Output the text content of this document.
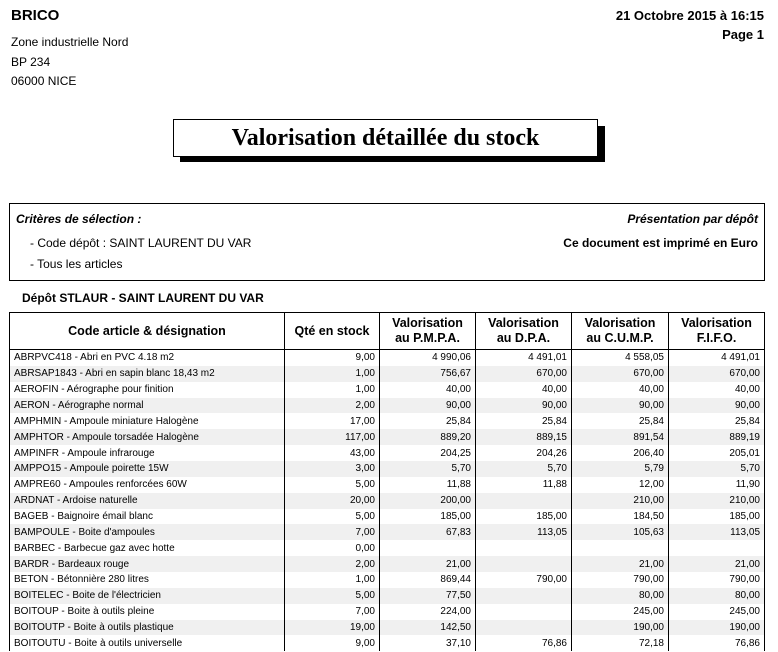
BRICO
Zone industrielle Nord
BP 234
06000 NICE
21 Octobre 2015 à 16:15
Page 1
Valorisation détaillée du stock
Critères de sélection :
- Code dépôt : SAINT LAURENT DU VAR
- Tous les articles
Présentation par dépôt
Ce document est imprimé en Euro
Dépôt STLAUR - SAINT LAURENT DU VAR
Code article & désignation	Qté en stock	Valorisation
au P.M.P.A.	Valorisation
au D.P.A.	Valorisation
au C.U.M.P.	Valorisation
F.I.F.O.
ABRPVC418 - Abri en PVC 4.18 m2	9,00	4 990,06	4 491,01	4 558,05	4 491,01
ABRSAP1843 - Abri en sapin blanc 18,43 m2	1,00	756,67	670,00	670,00	670,00
AEROFIN - Aérographe pour finition	1,00	40,00	40,00	40,00	40,00
AERON - Aérographe normal	2,00	90,00	90,00	90,00	90,00
AMPHMIN - Ampoule miniature Halogène	17,00	25,84	25,84	25,84	25,84
AMPHTOR - Ampoule torsadée Halogène	117,00	889,20	889,15	891,54	889,19
AMPINFR - Ampoule infrarouge	43,00	204,25	204,26	206,40	205,01
AMPPO15 - Ampoule poirette 15W	3,00	5,70	5,70	5,79	5,70
AMPRE60 - Ampoules renforcées 60W	5,00	11,88	11,88	12,00	11,90
ARDNAT - Ardoise naturelle	20,00	200,00		210,00	210,00
BAGEB - Baignoire émail blanc	5,00	185,00	185,00	184,50	185,00
BAMPOULE - Boite d'ampoules	7,00	67,83	113,05	105,63	113,05
BARBEC - Barbecue gaz avec hotte	0,00				
BARDR - Bardeaux rouge	2,00	21,00		21,00	21,00
BETON - Bétonnière 280 litres	1,00	869,44	790,00	790,00	790,00
BOITELEC - Boite de l'électricien	5,00	77,50		80,00	80,00
BOITOUP - Boite à outils pleine	7,00	224,00		245,00	245,00
BOITOUTP - Boite à outils plastique	19,00	142,50		190,00	190,00
BOITOUTU - Boite à outils universelle	9,00	37,10	76,86	72,18	76,86
